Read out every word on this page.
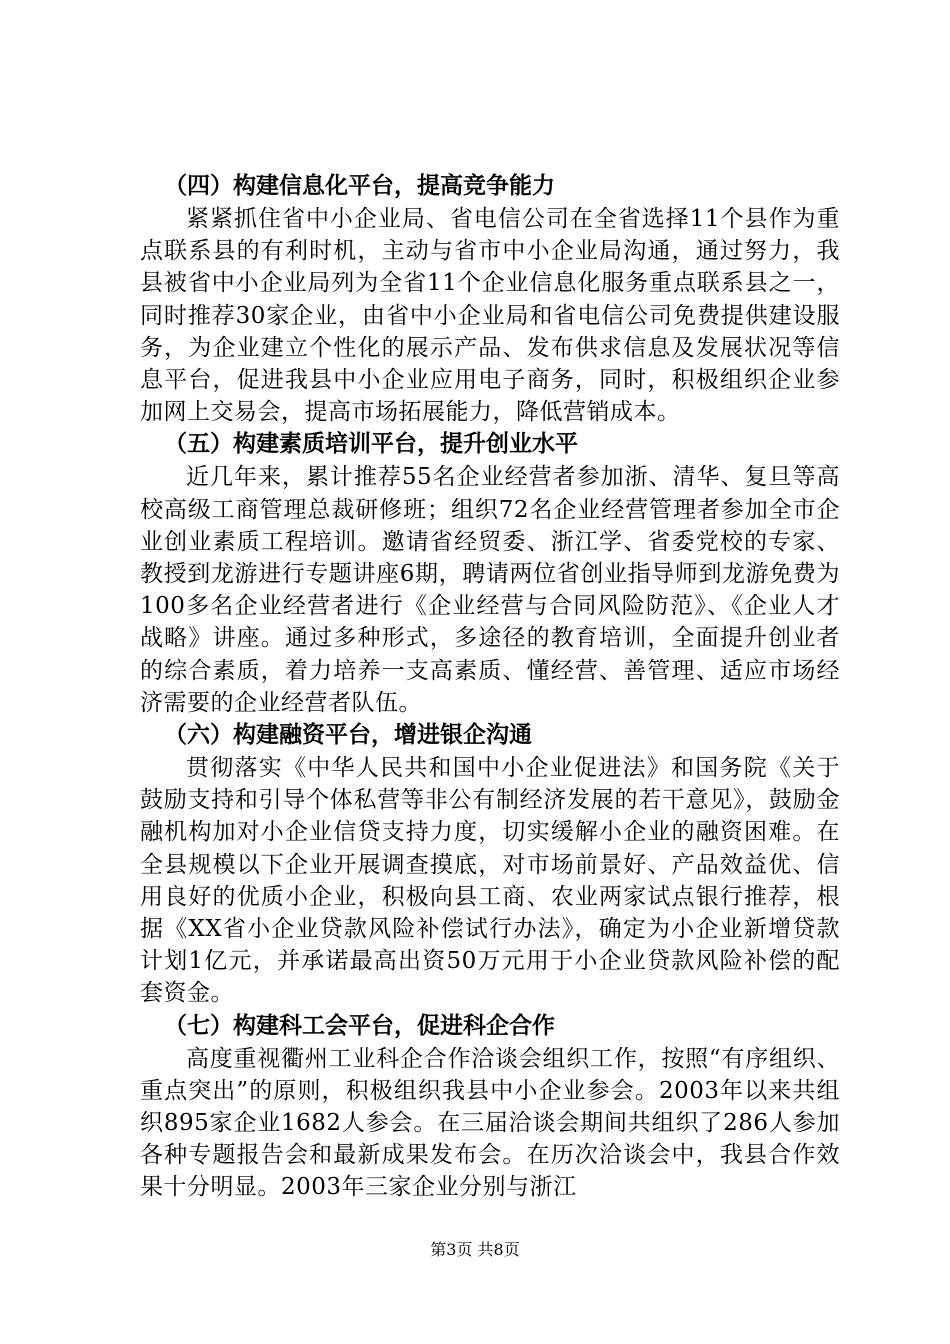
（四）构建信息化平台，提高竞争能力

紧紧抓住省中小企业局、省电信公司在全省选择11个县作为重点联系县的有利时机，主动与省市中小企业局沟通，通过努力，我县被省中小企业局列为全省11个企业信息化服务重点联系县之一，同时推荐30家企业，由省中小企业局和省电信公司免费提供建设服务，为企业建立个性化的展示产品、发布供求信息及发展状况等信息平台，促进我县中小企业应用电子商务，同时，积极组织企业参加网上交易会，提高市场拓展能力，降低营销成本。

（五）构建素质培训平台，提升创业水平

近几年来，累计推荐55名企业经营者参加浙、清华、复旦等高校高级工商管理总裁研修班；组织72名企业经营管理者参加全市企业创业素质工程培训。邀请省经贸委、浙江学、省委党校的专家、教授到龙游进行专题讲座6期，聘请两位省创业指导师到龙游免费为100多名企业经营者进行《企业经营与合同风险防范》、《企业人才战略》讲座。通过多种形式，多途径的教育培训，全面提升创业者的综合素质，着力培养一支高素质、懂经营、善管理、适应市场经济需要的企业经营者队伍。

（六）构建融资平台，增进银企沟通

贯彻落实《中华人民共和国中小企业促进法》和国务院《关于鼓励支持和引导个体私营等非公有制经济发展的若干意见》，鼓励金融机构加对小企业信贷支持力度，切实缓解小企业的融资困难。在全县规模以下企业开展调查摸底，对市场前景好、产品效益优、信用良好的优质小企业，积极向县工商、农业两家试点银行推荐，根据《XX省小企业贷款风险补偿试行办法》，确定为小企业新增贷款计划1亿元，并承诺最高出资50万元用于小企业贷款风险补偿的配套资金。

（七）构建科工会平台，促进科企合作

高度重视衢州工业科企合作洽谈会组织工作，按照“有序组织、重点突出”的原则，积极组织我县中小企业参会。2003年以来共组织895家企业1682人参会。在三届洽谈会期间共组织了286人参加各种专题报告会和最新成果发布会。在历次洽谈会中，我县合作效果十分明显。2003年三家企业分别与浙江

第3页 共8页
